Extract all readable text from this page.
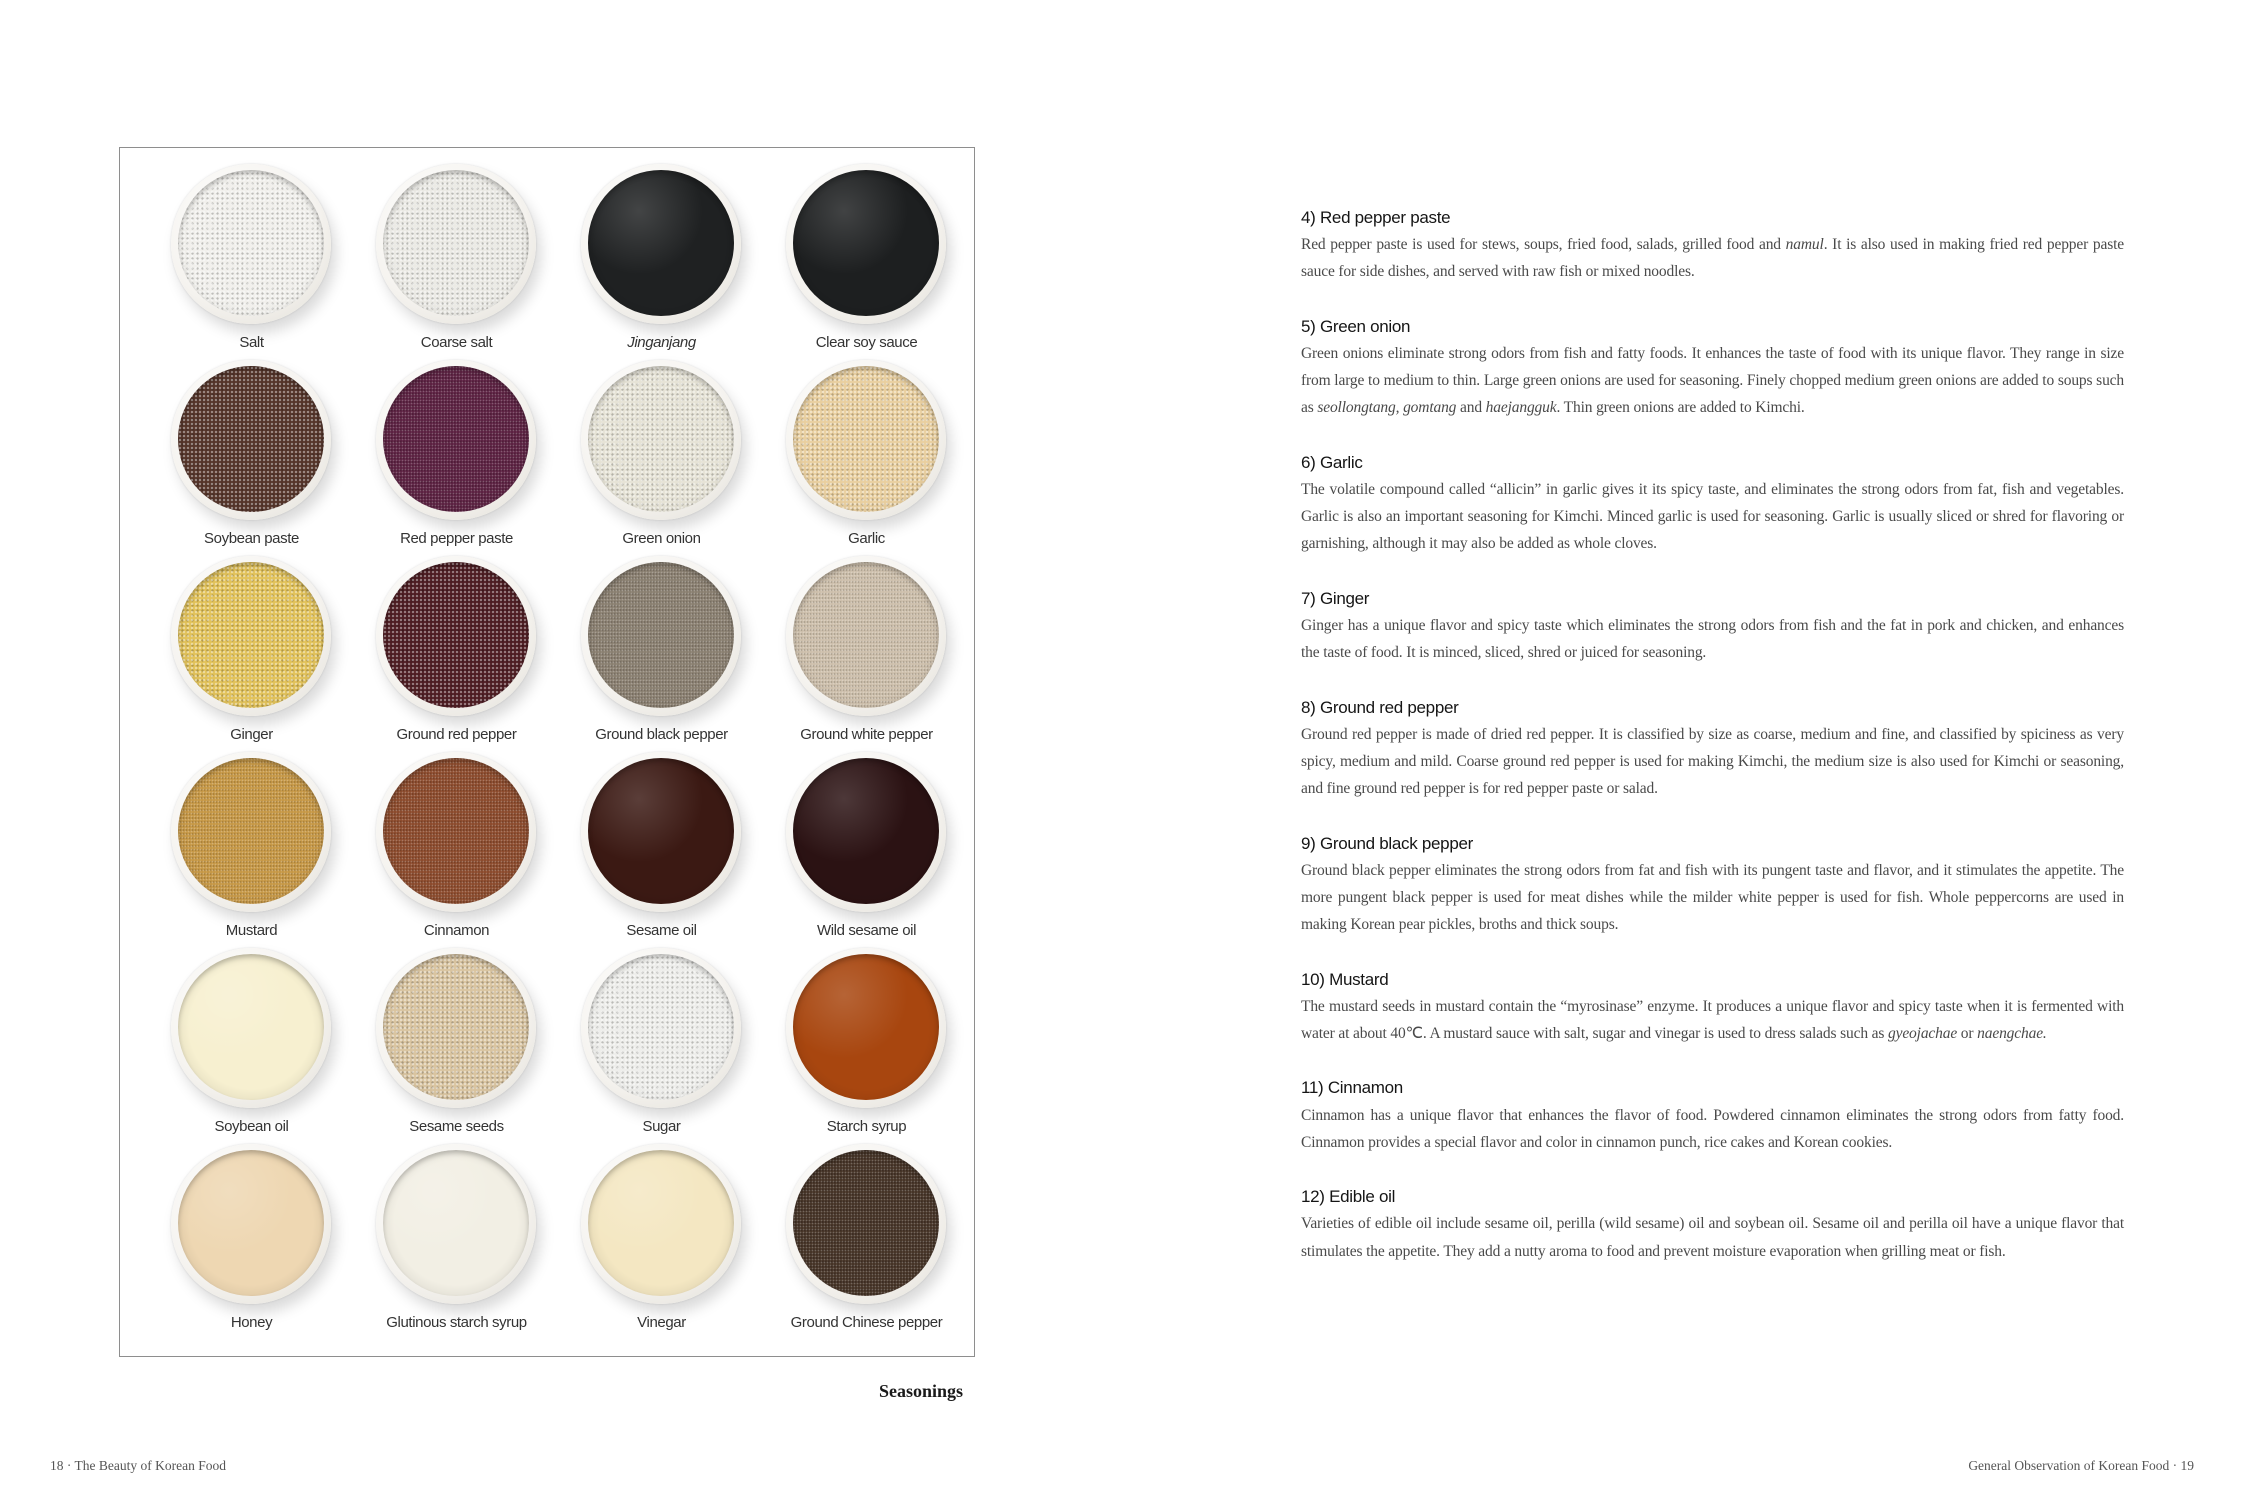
Salt	Coarse salt	Jinganjang	Clear soy sauce
Soybean paste	Red pepper paste	Green onion	Garlic
Ginger	Ground red pepper	Ground black pepper	Ground white pepper
Mustard	Cinnamon	Sesame oil	Wild sesame oil
Soybean oil	Sesame seeds	Sugar	Starch syrup
Honey	Glutinous starch syrup	Vinegar	Ground Chinese pepper
Seasonings
18 · The Beauty of Korean Food
4) Red pepper paste

Red pepper paste is used for stews, soups, fried food, salads, grilled food and namul. It is also used in making fried red pepper paste sauce for side dishes, and served with raw fish or mixed noodles.

5) Green onion

Green onions eliminate strong odors from fish and fatty foods. It enhances the taste of food with its unique flavor. They range in size from large to medium to thin. Large green onions are used for seasoning. Finely chopped medium green onions are added to soups such as seollongtang, gomtang and haejangguk. Thin green onions are added to Kimchi.

6) Garlic

The volatile compound called “allicin” in garlic gives it its spicy taste, and eliminates the strong odors from fat, fish and vegetables. Garlic is also an important seasoning for Kimchi. Minced garlic is used for seasoning. Garlic is usually sliced or shred for flavoring or garnishing, although it may also be added as whole cloves.

7) Ginger

Ginger has a unique flavor and spicy taste which eliminates the strong odors from fish and the fat in pork and chicken, and enhances the taste of food. It is minced, sliced, shred or juiced for seasoning.

8) Ground red pepper

Ground red pepper is made of dried red pepper. It is classified by size as coarse, medium and fine, and classified by spiciness as very spicy, medium and mild. Coarse ground red pepper is used for making Kimchi, the medium size is also used for Kimchi or seasoning, and fine ground red pepper is for red pepper paste or salad.

9) Ground black pepper

Ground black pepper eliminates the strong odors from fat and fish with its pungent taste and flavor, and it stimulates the appetite. The more pungent black pepper is used for meat dishes while the milder white pepper is used for fish. Whole peppercorns are used in making Korean pear pickles, broths and thick soups.

10) Mustard

The mustard seeds in mustard contain the “myrosinase” enzyme. It produces a unique flavor and spicy taste when it is fermented with water at about 40℃. A mustard sauce with salt, sugar and vinegar is used to dress salads such as gyeojachae or naengchae.

11) Cinnamon

Cinnamon has a unique flavor that enhances the flavor of food. Powdered cinnamon eliminates the strong odors from fatty food. Cinnamon provides a special flavor and color in cinnamon punch, rice cakes and Korean cookies.

12) Edible oil

Varieties of edible oil include sesame oil, perilla (wild sesame) oil and soybean oil. Sesame oil and perilla oil have a unique flavor that stimulates the appetite. They add a nutty aroma to food and prevent moisture evaporation when grilling meat or fish.

General Observation of Korean Food · 19
